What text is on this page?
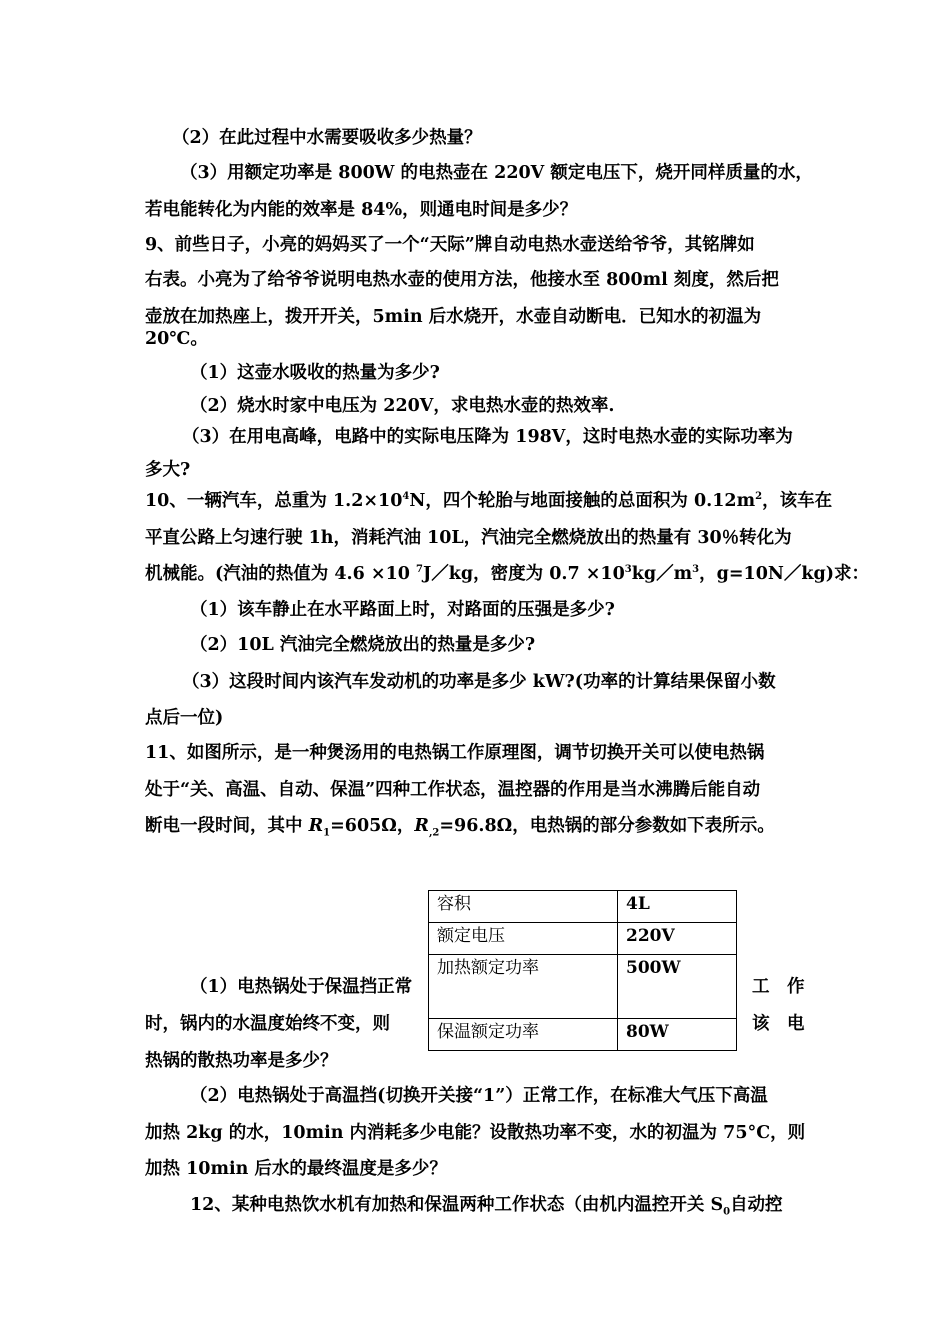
（2）在此过程中水需要吸收多少热量？
（3）用额定功率是 800W 的电热壶在 220V 额定电压下，烧开同样质量的水，
若电能转化为内能的效率是 84%，则通电时间是多少？
9、前些日子，小亮的妈妈买了一个“天际”牌自动电热水壶送给爷爷，其铭牌如
右表。小亮为了给爷爷说明电热水壶的使用方法，他接水至 800ml 刻度，然后把
壶放在加热座上，拨开开关，5min 后水烧开，水壶自动断电．已知水的初温为
20℃。
（1）这壶水吸收的热量为多少?
（2）烧水时家中电压为 220V，求电热水壶的热效率.
（3）在用电高峰，电路中的实际电压降为 198V，这时电热水壶的实际功率为
多大?
10、一辆汽车，总重为 $1.2\times 10^4N$，四个轮胎与地面接触的总面积为 $0.12m^2$，该车在
平直公路上匀速行驶 1h，消耗汽油 10L，汽油完全燃烧放出的热量有 30％转化为
机械能。(汽油的热值为 4.6 ×10 $^7$J／kg，密度为 $0.7 \times 10^3kg/m^3$，g=10N／kg)求：
（1）该车静止在水平路面上时，对路面的压强是多少?
（2）10L 汽油完全燃烧放出的热量是多少?
（3）这段时间内该汽车发动机的功率是多少 kW?(功率的计算结果保留小数
点后一位)
11、如图所示，是一种煲汤用的电热锅工作原理图，调节切换开关可以使电热锅
处于“关、高温、自动、保温”四种工作状态，温控器的作用是当水沸腾后能自动
断电一段时间，其中 $R_1=605\Omega$，$R_{,2}=96.8\Omega$，电热锅的部分参数如下表所示。
容积	4L
额定电压	220V
加热额定功率	500W
保温额定功率	80W
（1）电热锅处于保温挡正常
时，锅内的水温度始终不变，则
热锅的散热功率是多少？
工 作
该 电
（2）电热锅处于高温挡(切换开关接“1”）正常工作，在标准大气压下高温
加热 2kg 的水，10min 内消耗多少电能？设散热功率不变，水的初温为 75°C，则
加热 10min 后水的最终温度是多少？
12、某种电热饮水机有加热和保温两种工作状态（由机内温控开关 $S_0$自动控
